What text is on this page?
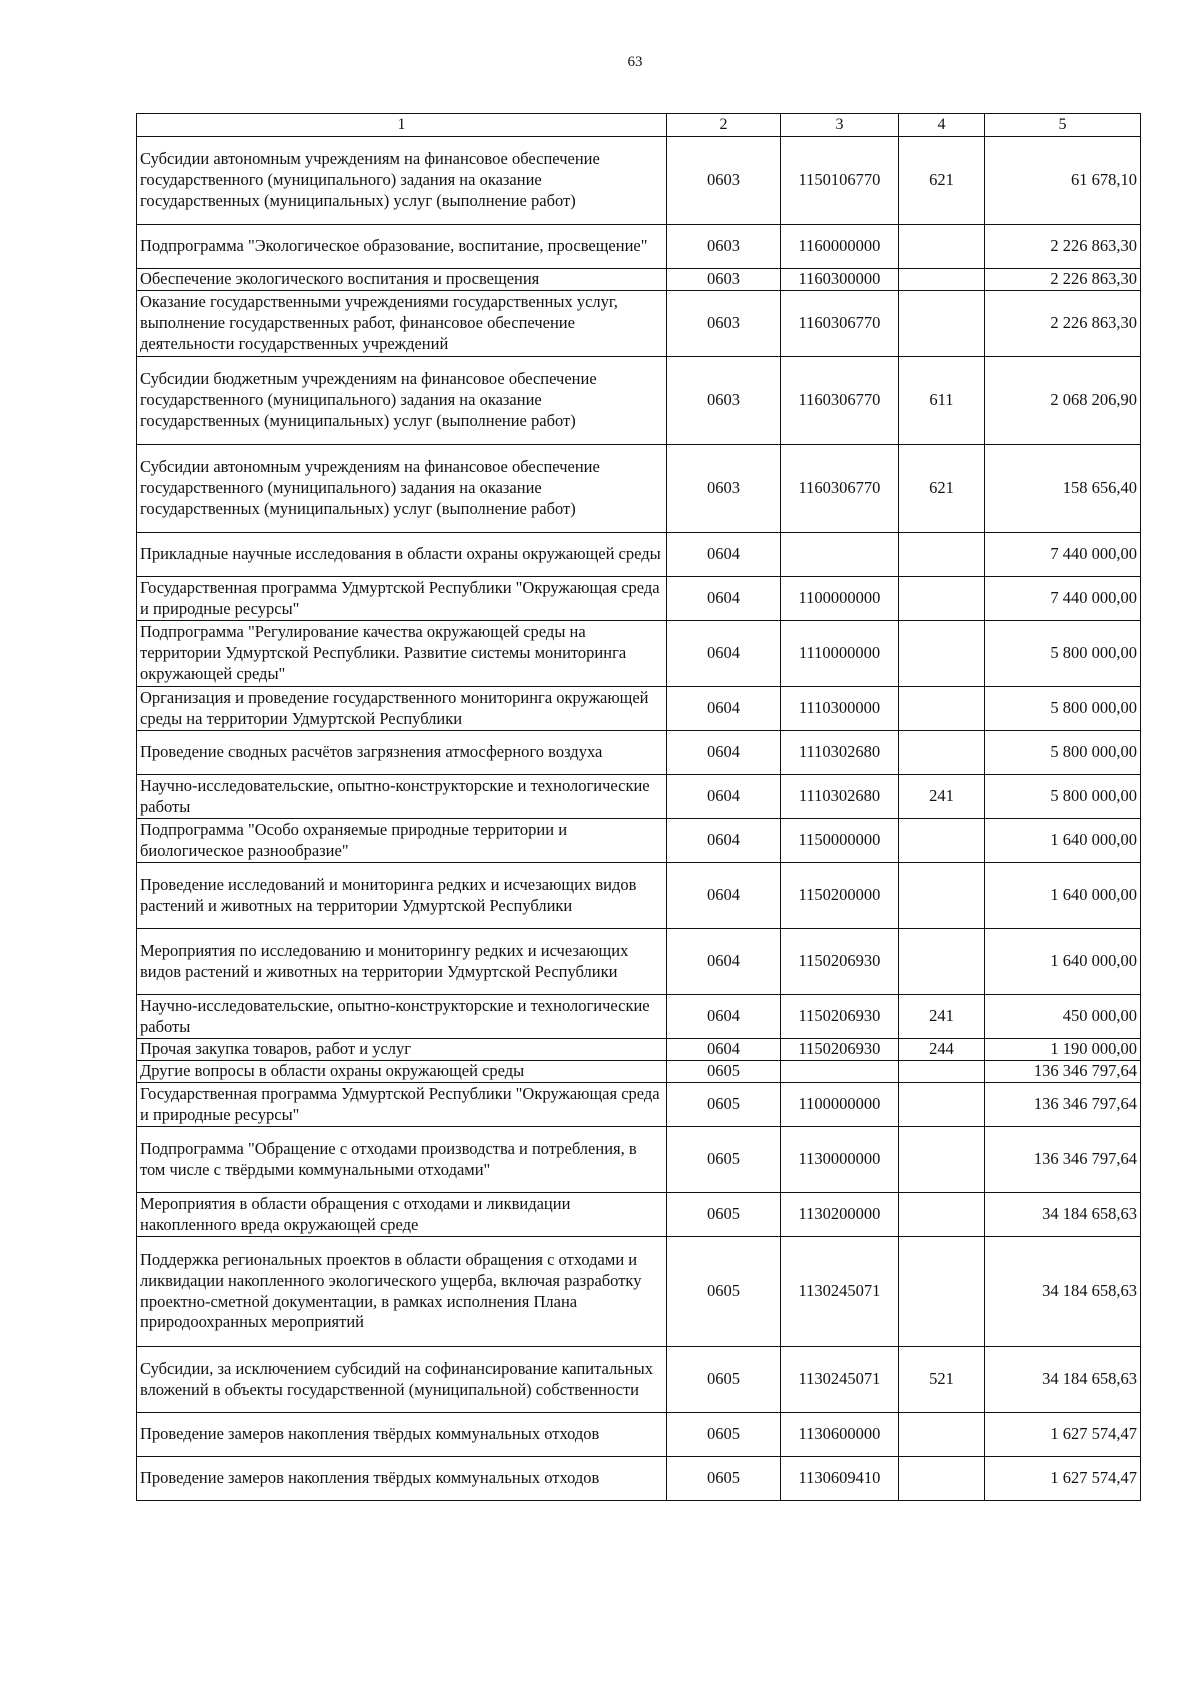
63
1	2	3	4	5
Субсидии автономным учреждениям на финансовое обеспечение государственного (муниципального) задания на оказание государственных (муниципальных) услуг (выполнение работ)	0603	1150106770	621	61 678,10
Подпрограмма "Экологическое образование, воспитание, просвещение"	0603	1160000000		2 226 863,30
Обеспечение экологического воспитания и просвещения	0603	1160300000		2 226 863,30
Оказание государственными учреждениями государственных услуг, выполнение государственных работ, финансовое обеспечение деятельности государственных учреждений	0603	1160306770		2 226 863,30
Субсидии бюджетным учреждениям на финансовое обеспечение государственного (муниципального) задания на оказание государственных (муниципальных) услуг (выполнение работ)	0603	1160306770	611	2 068 206,90
Субсидии автономным учреждениям на финансовое обеспечение государственного (муниципального) задания на оказание государственных (муниципальных) услуг (выполнение работ)	0603	1160306770	621	158 656,40
Прикладные научные исследования в области охраны окружающей среды	0604			7 440 000,00
Государственная программа Удмуртской Республики "Окружающая среда и природные ресурсы"	0604	1100000000		7 440 000,00
Подпрограмма "Регулирование качества окружающей среды на территории Удмуртской Республики. Развитие системы мониторинга окружающей среды"	0604	1110000000		5 800 000,00
Организация и проведение государственного мониторинга окружающей среды на территории Удмуртской Республики	0604	1110300000		5 800 000,00
Проведение сводных расчётов загрязнения атмосферного воздуха	0604	1110302680		5 800 000,00
Научно-исследовательские, опытно-конструкторские и технологические работы	0604	1110302680	241	5 800 000,00
Подпрограмма "Особо охраняемые природные территории и биологическое разнообразие"	0604	1150000000		1 640 000,00
Проведение исследований и мониторинга редких и исчезающих видов растений и животных на территории Удмуртской Республики	0604	1150200000		1 640 000,00
Мероприятия по исследованию и мониторингу редких и исчезающих видов растений и животных на территории Удмуртской Республики	0604	1150206930		1 640 000,00
Научно-исследовательские, опытно-конструкторские и технологические работы	0604	1150206930	241	450 000,00
Прочая закупка товаров, работ и услуг	0604	1150206930	244	1 190 000,00
Другие вопросы в области охраны окружающей среды	0605			136 346 797,64
Государственная программа Удмуртской Республики "Окружающая среда и природные ресурсы"	0605	1100000000		136 346 797,64
Подпрограмма "Обращение с отходами производства и потребления, в том числе с твёрдыми коммунальными отходами"	0605	1130000000		136 346 797,64
Мероприятия в области обращения с отходами и ликвидации накопленного вреда окружающей среде	0605	1130200000		34 184 658,63
Поддержка региональных проектов в области обращения с отходами и ликвидации накопленного экологического ущерба, включая разработку проектно-сметной документации, в рамках исполнения Плана природоохранных мероприятий	0605	1130245071		34 184 658,63
Субсидии, за исключением субсидий на софинансирование капитальных вложений в объекты государственной (муниципальной) собственности	0605	1130245071	521	34 184 658,63
Проведение замеров накопления твёрдых коммунальных отходов	0605	1130600000		1 627 574,47
Проведение замеров накопления твёрдых коммунальных отходов	0605	1130609410		1 627 574,47
